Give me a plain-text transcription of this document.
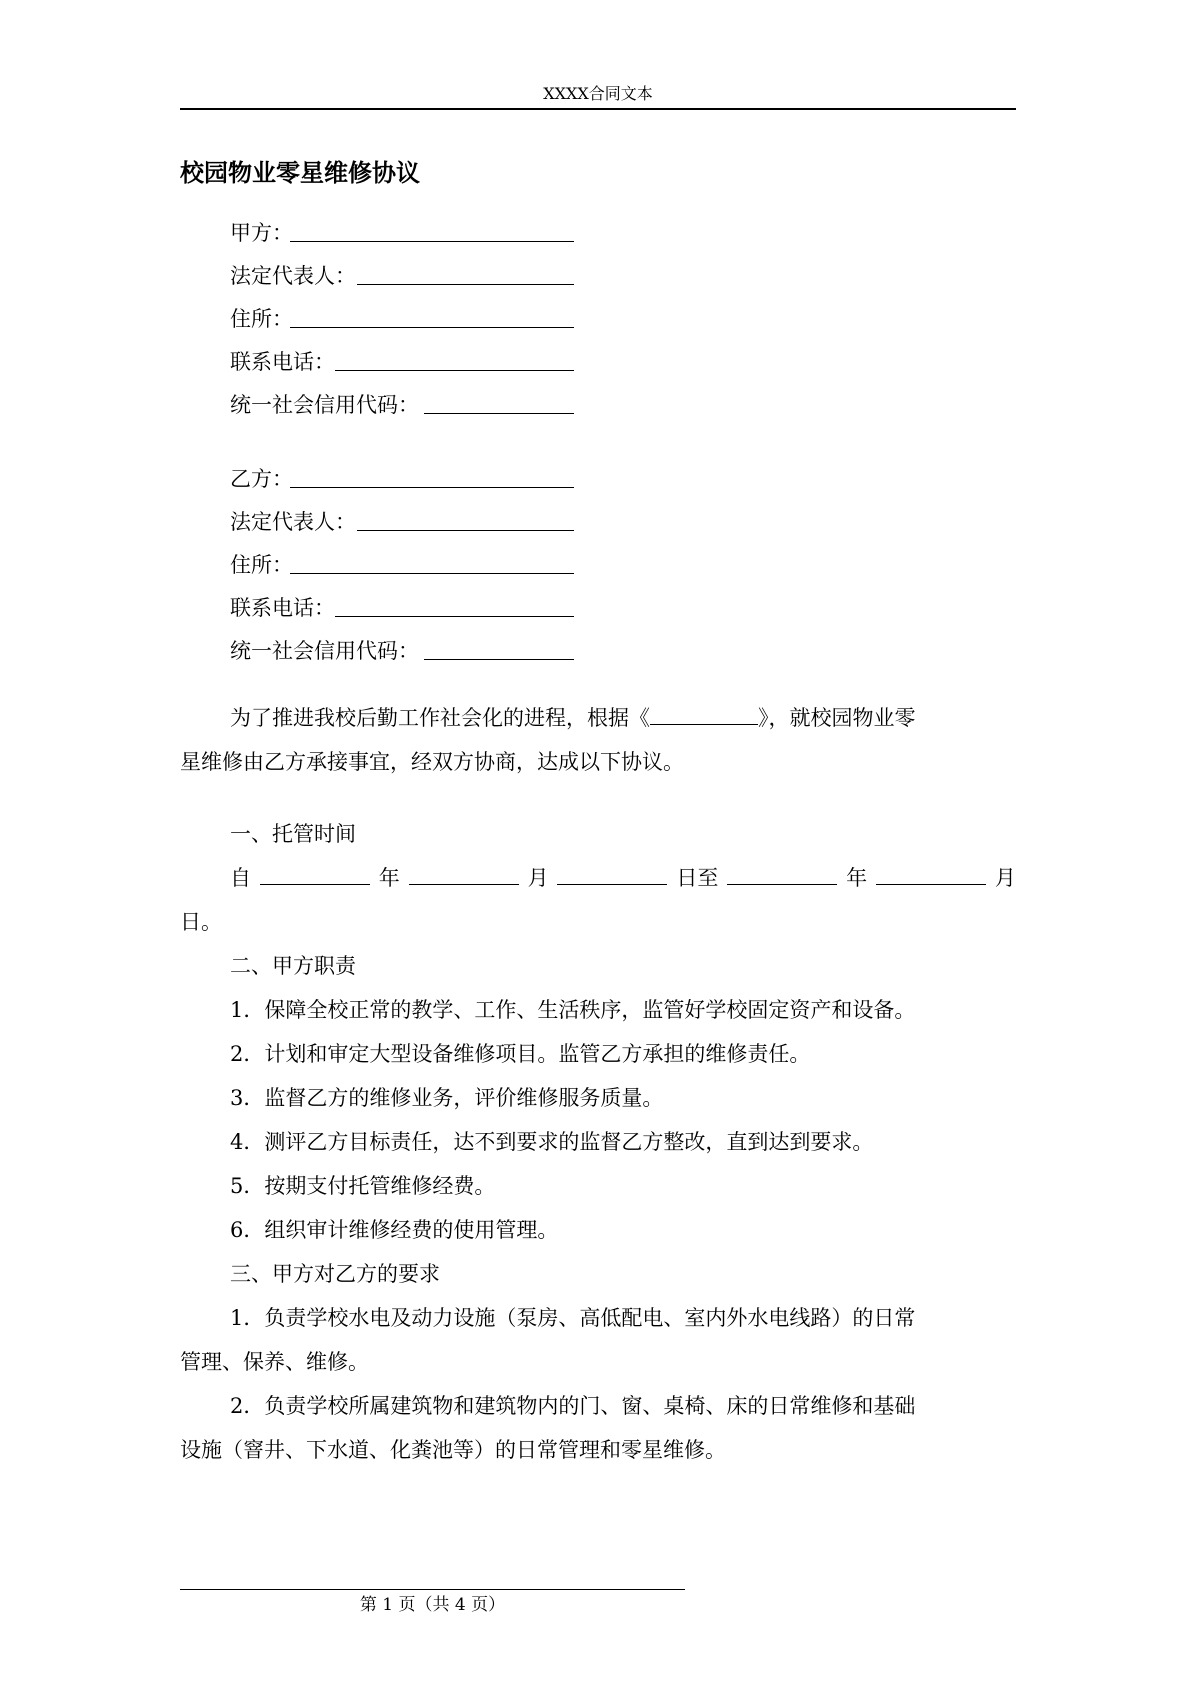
XXXX合同文本
校园物业零星维修协议
甲方：
法定代表人：
住所：
联系电话：
统一社会信用代码：
乙方：
法定代表人：
住所：
联系电话：
统一社会信用代码：
为了推进我校后勤工作社会化的进程，根据《	》，就校园物业零
星维修由乙方承接事宜，经双方协商，达成以下协议。
一、托管时间
自	年	月	日至	年	月
日。
二、甲方职责
1．保障全校正常的教学、工作、生活秩序，监管好学校固定资产和设备。
2．计划和审定大型设备维修项目。监管乙方承担的维修责任。
3．监督乙方的维修业务，评价维修服务质量。
4．测评乙方目标责任，达不到要求的监督乙方整改，直到达到要求。
5．按期支付托管维修经费。
6．组织审计维修经费的使用管理。
三、甲方对乙方的要求
1．负责学校水电及动力设施（泵房、高低配电、室内外水电线路）的日常
管理、保养、维修。
2．负责学校所属建筑物和建筑物内的门、窗、桌椅、床的日常维修和基础
设施（窨井、下水道、化粪池等）的日常管理和零星维修。
第 1 页（共 4 页）
